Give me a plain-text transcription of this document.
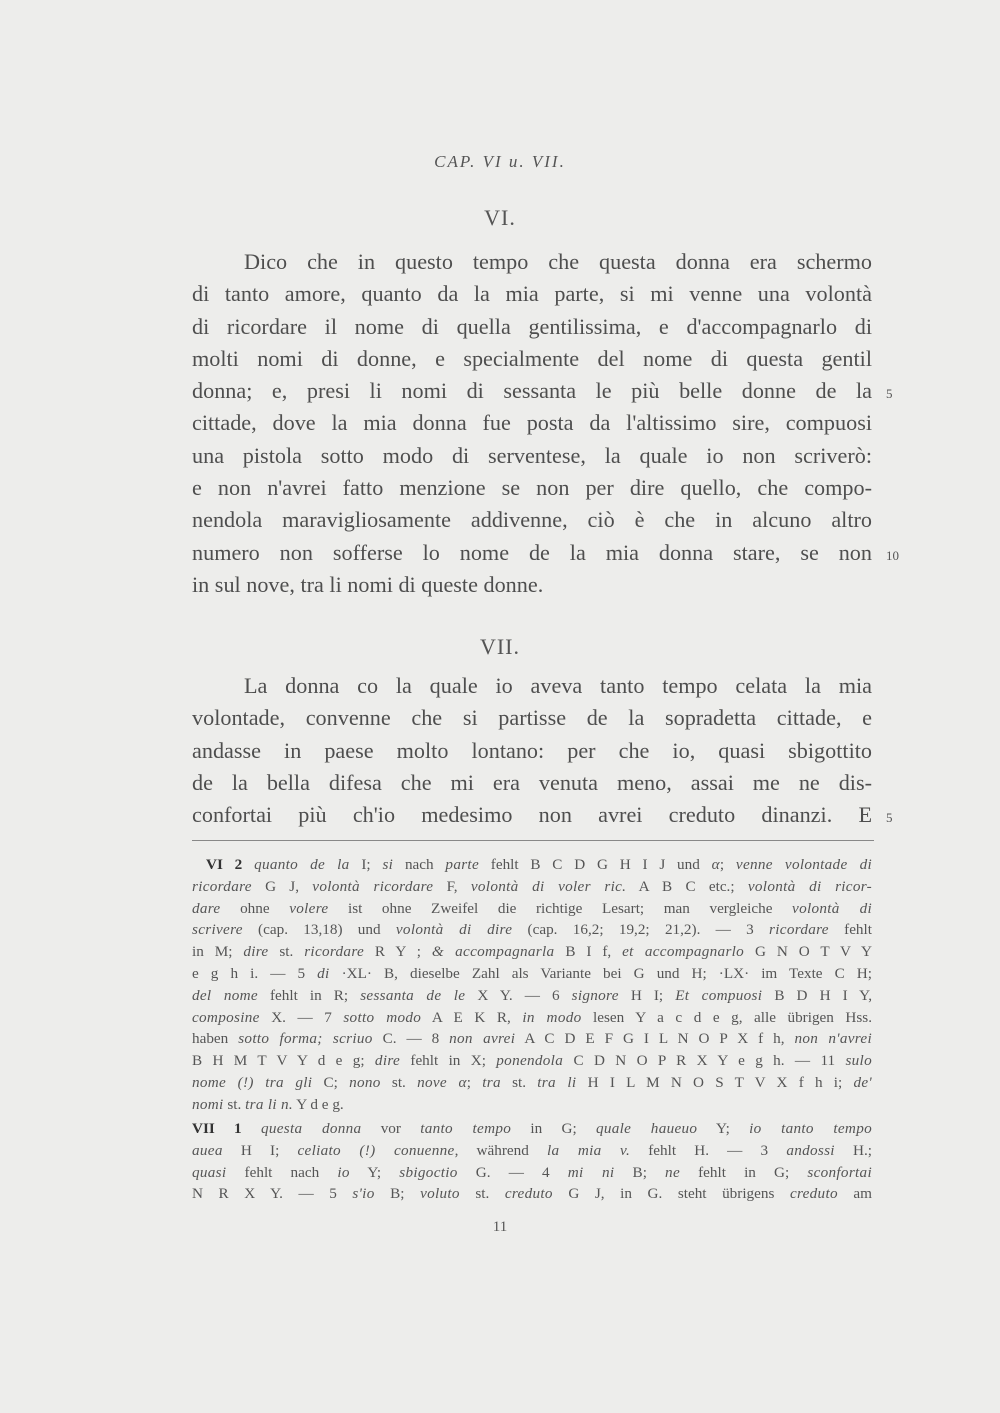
CAP. VI u. VII.
VI.
Dico che in questo tempo che questa donna era schermo
di tanto amore, quanto da la mia parte, si mi venne una volontà
di ricordare il nome di quella gentilissima, e d'accompagnarlo di
molti nomi di donne, e specialmente del nome di questa gentil
donna; e, presi li nomi di sessanta le più belle donne de la
cittade, dove la mia donna fue posta da l'altissimo sire, compuosi
una pistola sotto modo di serventese, la quale io non scriverò:
e non n'avrei fatto menzione se non per dire quello, che compo-
nendola maravigliosamente addivenne, ciò è che in alcuno altro
numero non sofferse lo nome de la mia donna stare, se non
in sul nove, tra li nomi di queste donne.
5
10
VII.
La donna co la quale io aveva tanto tempo celata la mia
volontade, convenne che si partisse de la sopradetta cittade, e
andasse in paese molto lontano: per che io, quasi sbigottito
de la bella difesa che mi era venuta meno, assai me ne dis-
confortai più ch'io medesimo non avrei creduto dinanzi. E 5
VI 2 quanto de la I; si nach parte fehlt B C D G H I J und α; venne volontade di
ricordare G J, volontà ricordare F, volontà di voler ric. A B C etc.; volontà di ricor-
dare ohne volere ist ohne Zweifel die richtige Lesart; man vergleiche volontà di
scrivere (cap. 13,18) und volontà di dire (cap. 16,2; 19,2; 21,2). — 3 ricordare fehlt
in M; dire st. ricordare R Y ; & accompagnarla B I f, et accompagnarlo G N O T V Y
e g h i. — 5 di ·XL· B, dieselbe Zahl als Variante bei G und H; ·LX· im Texte C H;
del nome fehlt in R; sessanta de le X Y. — 6 signore H I; Et compuosi B D H I Y,
composine X. — 7 sotto modo A E K R, in modo lesen Y a c d e g, alle übrigen Hss.
haben sotto forma; scriuo C. — 8 non avrei A C D E F G I L N O P X f h, non n'avrei
B H M T V Y d e g; dire fehlt in X; ponendola C D N O P R X Y e g h. — 11 sulo
nome (!) tra gli C; nono st. nove α; tra st. tra li H I L M N O S T V X f h i; de'
nomi st. tra li n. Y d e g.
VII 1 questa donna vor tanto tempo in G; quale haueuo Y; io tanto tempo
auea H I; celiato (!) conuenne, während la mia v. fehlt H. — 3 andossi H.;
quasi fehlt nach io Y; sbigoctio G. — 4 mi ni B; ne fehlt in G; sconfortai
N R X Y. — 5 s'io B; voluto st. creduto G J, in G. steht übrigens creduto am
11
